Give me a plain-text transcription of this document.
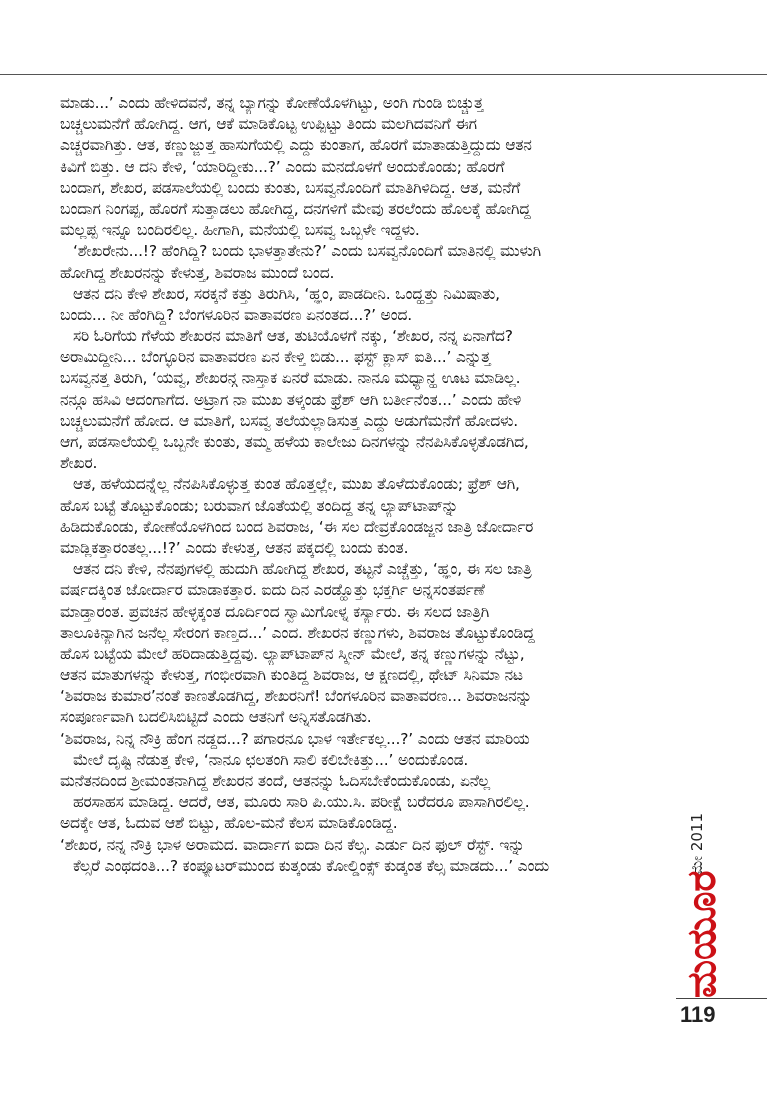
ಮಾಡು...’ ಎಂದು ಹೇಳಿದವನೆ, ತನ್ನ ಬ್ಯಾಗನ್ನು ಕೋಣೆಯೊಳಗಿಟ್ಟು, ಅಂಗಿ ಗುಂಡಿ ಬಿಚ್ಚುತ್ತ
ಬಚ್ಚಲುಮನೆಗೆ ಹೋಗಿದ್ದ. ಆಗ, ಆಕೆ ಮಾಡಿಕೊಟ್ಟ ಉಪ್ಪಿಟ್ಟು ತಿಂದು ಮಲಗಿದವನಿಗೆ ಈಗ
ಎಚ್ಚರವಾಗಿತ್ತು. ಆತ, ಕಣ್ಣುಜ್ಜುತ್ತ ಹಾಸುಗೆಯಲ್ಲಿ ಎದ್ದು ಕುಂತಾಗ, ಹೊರಗೆ ಮಾತಾಡುತ್ತಿದ್ದುದು ಆತನ
ಕಿವಿಗೆ ಬಿತ್ತು. ಆ ದನಿ ಕೇಳಿ, ‘ಯಾರಿದ್ದೀಕು...?’ ಎಂದು ಮನದೊಳಗೆ ಅಂದುಕೊಂಡು; ಹೊರಗೆ
ಬಂದಾಗ, ಶೇಖರ, ಪಡಸಾಲೆಯಲ್ಲಿ ಬಂದು ಕುಂತು, ಬಸವ್ವನೊಂದಿಗೆ ಮಾತಿಗಿಳಿದಿದ್ದ. ಆತ, ಮನೆಗೆ
ಬಂದಾಗ ನಿಂಗಪ್ಪ, ಹೊರಗೆ ಸುತ್ತಾಡಲು ಹೋಗಿದ್ದ, ದನಗಳಿಗೆ ಮೇವು ತರಲೆಂದು ಹೊಲಕ್ಕೆ ಹೋಗಿದ್ದ
ಮಲ್ಲಪ್ಪ ಇನ್ನೂ ಬಂದಿರಲಿಲ್ಲ. ಹೀಗಾಗಿ, ಮನೆಯಲ್ಲಿ ಬಸವ್ವ ಒಬ್ಬಳೇ ಇದ್ದಳು.
‘ಶೇಖರೇನು...!? ಹೆಂಗಿದ್ದಿ? ಬಂದು ಭಾಳತ್ತಾತೇನು?’ ಎಂದು ಬಸವ್ವನೊಂದಿಗೆ ಮಾತಿನಲ್ಲಿ ಮುಳುಗಿ
ಹೋಗಿದ್ದ ಶೇಖರನನ್ನು ಕೇಳುತ್ತ, ಶಿವರಾಜ ಮುಂದೆ ಬಂದ.
ಆತನ ದನಿ ಕೇಳಿ ಶೇಖರ, ಸರಕ್ಕನೆ ಕತ್ತು ತಿರುಗಿಸಿ, ‘ಹ್ಞಂ, ಪಾಡದೀನಿ. ಒಂದ್ಹತ್ತು ನಿಮಿಷಾತು,
ಬಂದು... ನೀ ಹೆಂಗಿದ್ದಿ? ಬೆಂಗಳೂರಿನ ವಾತಾವರಣ ಏನಂತದ...?’ ಅಂದ.
ಸರಿ ಓರಿಗೆಯ ಗೆಳೆಯ ಶೇಖರನ ಮಾತಿಗೆ ಆತ, ತುಟಿಯೊಳಗೆ ನಕ್ಕು, ‘ಶೇಖರ, ನನ್ನ ಏನಾಗೆದ?
ಅರಾಮಿದ್ದೀನಿ... ಬೆಂಗ್ಳೂರಿನ ವಾತಾವರಣ ಏನ ಕೇಳ್ತಿ ಬಿಡು... ಫಸ್ಟ್ ಕ್ಲಾಸ್ ಐತಿ...’ ಎನ್ನುತ್ತ
ಬಸವ್ವನತ್ತ ತಿರುಗಿ, ‘ಯವ್ವ, ಶೇಖರನ್ಗ ನಾಸ್ತಾಕ ಏನರೆ ಮಾಡು. ನಾನೂ ಮಧ್ಯಾನ್ಹ ಊಟ ಮಾಡಿಲ್ಲ.
ನನ್ಗೂ ಹಸಿವಿ ಆದಂಗಾಗೆದ. ಅಟ್ರಾಗ ನಾ ಮುಖ ತಳ್ಕಂಡು ಫ್ರೆಶ್ ಆಗಿ ಬರ್ತೀನೆಂತ...’ ಎಂದು ಹೇಳಿ
ಬಚ್ಚಲುಮನೆಗೆ ಹೋದ. ಆ ಮಾತಿಗೆ, ಬಸವ್ವ ತಲೆಯಲ್ಲಾಡಿಸುತ್ತ ಎದ್ದು ಅಡುಗೆಮನೆಗೆ ಹೋದಳು.
ಆಗ, ಪಡಸಾಲೆಯಲ್ಲಿ ಒಬ್ಬನೇ ಕುಂತು, ತಮ್ಮ ಹಳೆಯ ಕಾಲೇಜು ದಿನಗಳನ್ನು ನೆನಪಿಸಿಕೊಳ್ಳತೊಡಗಿದ,
ಶೇಖರ.
ಆತ, ಹಳೆಯದನ್ನೆಲ್ಲ ನೆನಪಿಸಿಕೊಳ್ಳುತ್ತ ಕುಂತ ಹೊತ್ತಲ್ಲೇ, ಮುಖ ತೊಳೆದುಕೊಂಡು; ಫ್ರೆಶ್ ಆಗಿ,
ಹೊಸ ಬಟ್ಟೆ ತೊಟ್ಟುಕೊಂಡು; ಬರುವಾಗ ಜೊತೆಯಲ್ಲಿ ತಂದಿದ್ದ ತನ್ನ ಲ್ಯಾಪ್‌ಟಾಪ್‌ನ್ನು
ಹಿಡಿದುಕೊಂಡು, ಕೋಣೆಯೊಳಗಿಂದ ಬಂದ ಶಿವರಾಜ, ‘ಈ ಸಲ ದೇವ್ರಕೊಂಡಜ್ಜನ ಜಾತ್ರಿ ಜೋರ್ದಾರ
ಮಾಡ್ಲಿಕತ್ತಾರಂತಲ್ಲ...!?’ ಎಂದು ಕೇಳುತ್ತ, ಆತನ ಪಕ್ಕದಲ್ಲಿ ಬಂದು ಕುಂತ.
ಆತನ ದನಿ ಕೇಳಿ, ನೆನಪುಗಳಲ್ಲಿ ಹುದುಗಿ ಹೋಗಿದ್ದ ಶೇಖರ, ತಟ್ಟನೆ ಎಚ್ಚೆತ್ತು, ‘ಹ್ಞಂ, ಈ ಸಲ ಜಾತ್ರಿ
ವರ್ಷದಕ್ಕಿಂತ ಜೋರ್ದಾರ ಮಾಡಾಕತ್ತಾರ. ಐದು ದಿನ ಎರಡ್ಹೊತ್ತು ಭಕ್ತರ್ಗಿ ಅನ್ನಸಂತರ್ಪಣೆ
ಮಾಡ್ತಾರಂತ. ಪ್ರವಚನ ಹೇಳ್ಳಕ್ಕಂತ ದೂರ್ದಿಂದ ಸ್ವಾಮಿಗೋಳ್ನ ಕರ್ಸ್ಯಾರು. ಈ ಸಲದ ಜಾತ್ರಿಗಿ
ತಾಲೂಕಿನ್ಯಾಗಿನ ಜನೆಲ್ಲ ಸೇರಂಗ ಕಾಣ್ತದ...’ ಎಂದ. ಶೇಖರನ ಕಣ್ಣುಗಳು, ಶಿವರಾಜ ತೊಟ್ಟುಕೊಂಡಿದ್ದ
ಹೊಸ ಬಟ್ಟೆಯ ಮೇಲೆ ಹರಿದಾಡುತ್ತಿದ್ದವು. ಲ್ಯಾಪ್‌ಟಾಪ್‌ನ ಸ್ಕ್ರೀನ್ ಮೇಲೆ, ತನ್ನ ಕಣ್ಣುಗಳನ್ನು ನೆಟ್ಟು,
ಆತನ ಮಾತುಗಳನ್ನು ಕೇಳುತ್ತ, ಗಂಭೀರವಾಗಿ ಕುಂತಿದ್ದ ಶಿವರಾಜ, ಆ ಕ್ಷಣದಲ್ಲಿ, ಥೇಟ್ ಸಿನಿಮಾ ನಟ
‘ಶಿವರಾಜ ಕುಮಾರ’ನಂತೆ ಕಾಣತೊಡಗಿದ್ದ, ಶೇಖರನಿಗೆ! ಬೆಂಗಳೂರಿನ ವಾತಾವರಣ... ಶಿವರಾಜನನ್ನು
ಸಂಪೂರ್ಣವಾಗಿ ಬದಲಿಸಿಬಿಟ್ಟಿದೆ ಎಂದು ಆತನಿಗೆ ಅನ್ನಿಸತೊಡಗಿತು.
‘ಶಿವರಾಜ, ನಿನ್ನ ನೌಕ್ರಿ ಹೆಂಗ ನಡ್ದದ...? ಪಗಾರನೂ ಭಾಳ ಇರ್ತೇಕಲ್ಲ...?’ ಎಂದು ಆತನ ಮಾರಿಯ
ಮೇಲೆ ದೃಷ್ಟಿ ನೆಡುತ್ತ ಕೇಳಿ, ‘ನಾನೂ ಛಲತಂಗಿ ಸಾಲಿ ಕಲಿಬೇಕಿತ್ತು...’ ಅಂದುಕೊಂಡ.
ಮನೆತನದಿಂದ ಶ್ರೀಮಂತನಾಗಿದ್ದ ಶೇಖರನ ತಂದೆ, ಆತನನ್ನು ಓದಿಸಬೇಕೆಂದುಕೊಂಡು, ಏನೆಲ್ಲ
ಹರಸಾಹಸ ಮಾಡಿದ್ದ. ಆದರೆ, ಆತ, ಮೂರು ಸಾರಿ ಪಿ.ಯು.ಸಿ. ಪರೀಕ್ಷೆ ಬರೆದರೂ ಪಾಸಾಗಿರಲಿಲ್ಲ.
ಅದಕ್ಕೇ ಆತ, ಓದುವ ಆಶೆ ಬಿಟ್ಟು, ಹೊಲ-ಮನೆ ಕೆಲಸ ಮಾಡಿಕೊಂಡಿದ್ದ.
‘ಶೇಖರ, ನನ್ನ ನೌಕ್ರಿ ಭಾಳ ಅರಾಮದ. ವಾರ್ದಾಗ ಐದಾ ದಿನ ಕೆಲ್ಸ. ಎರ್ಡು ದಿನ ಫುಲ್ ರೆಸ್ಟ್. ಇನ್ನು
ಕೆಲ್ಸರೆ ಎಂಥದಂತಿ...? ಕಂಪ್ಯೂಟರ್‌ಮುಂದ ಕುತ್ಕಂಡು ಕೋಲ್ಡಿಂಕ್ಸ್ ಕುಡ್ಕಂತ ಕೆಲ್ಸ ಮಾಡದು...’ ಎಂದು	ಮೇ 2011
ಮಯೂರ
119
